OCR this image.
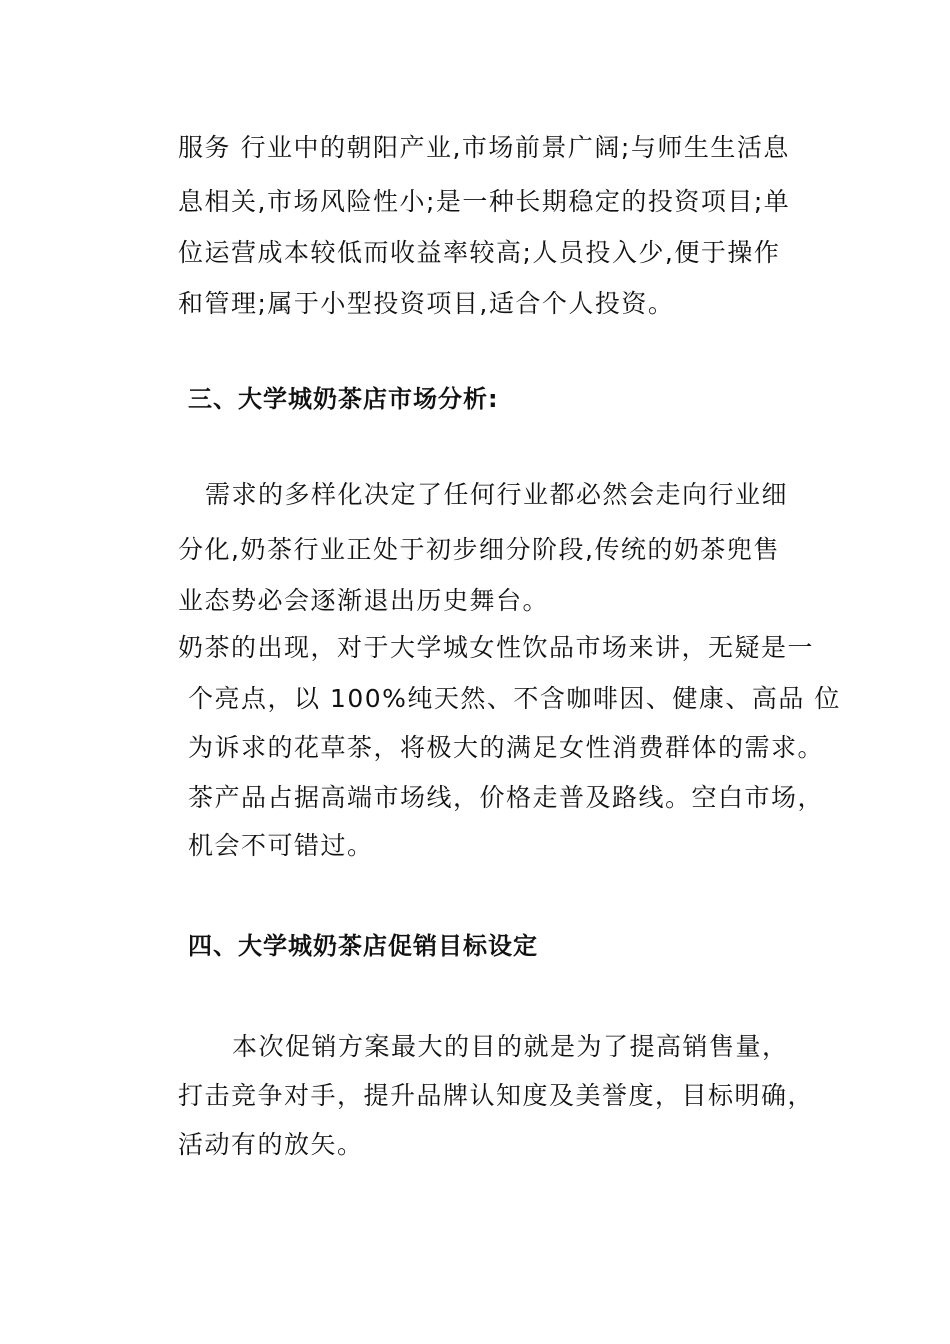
服务 行业中的朝阳产业,市场前景广阔;与师生生活息
息相关,市场风险性小;是一种长期稳定的投资项目;单
位运营成本较低而收益率较高;人员投入少,便于操作
和管理;属于小型投资项目,适合个人投资。
三、大学城奶茶店市场分析:
需求的多样化决定了任何行业都必然会走向行业细
分化,奶茶行业正处于初步细分阶段,传统的奶茶兜售
业态势必会逐渐退出历史舞台。
奶茶的出现，对于大学城女性饮品市场来讲，无疑是一
个亮点，以 100%纯天然、不含咖啡因、健康、高品 位
为诉求的花草茶，将极大的满足女性消费群体的需求。
茶产品占据高端市场线，价格走普及路线。空白市场，
机会不可错过。
四、大学城奶茶店促销目标设定
本次促销方案最大的目的就是为了提高销售量，
打击竞争对手，提升品牌认知度及美誉度，目标明确，
活动有的放矢。
